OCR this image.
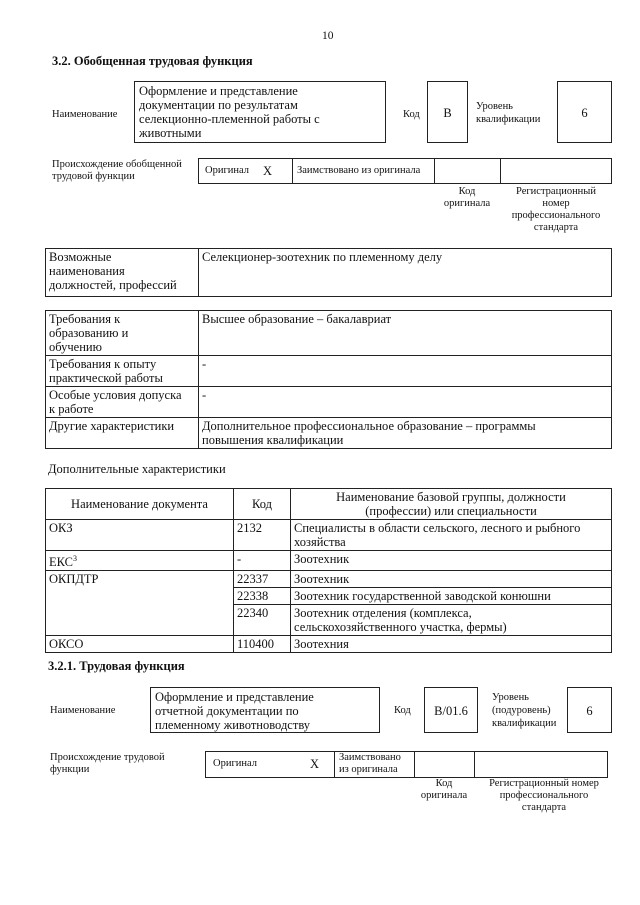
10
3.2. Обобщенная трудовая функция
Наименование
Оформление и представление
документации по результатам
селекционно-племенной работы с
животными
Код	B	Уровень
квалификации	6
Происхождение обобщенной
трудовой функции
Оригинал X Заимствовано из оригинала
Код
оригинала
Регистрационный
номер
профессионального
стандарта
Возможные
наименования
должностей, профессий
	Селекционер-зоотехник по племенному делу
Требования к
образованию и
обучению	Высшее образование – бакалавриат

Требования к опыту
практической работы	-

Особые условия допуска
к работе	-

Другие характеристики	Дополнительное профессиональное образование – программы
повышения квалификации
Дополнительные характеристики
Наименование документа	Код	Наименование базовой группы, должности
(профессии) или специальности

ОКЗ	2132	Специалисты в области сельского, лесного и рыбного
хозяйства

ЕКС$^3$	-	Зоотехник
ОКПДТР	22337	Зоотехник
	22338	Зоотехник государственной заводской конюшни
	22340	Зоотехник отделения (комплекса,
сельскохозяйственного участка, фермы)

ОКСО	110400	Зоотехния
3.2.1. Трудовая функция
Наименование
Оформление и представление
отчетной документации по
племенному животноводству
Код	B/01.6
Уровень
(подуровень)
квалификации
6
Происхождение трудовой
функции
Оригинал	X Заимствовано
из оригинала
Код
оригинала
Регистрационный номер
профессионального
стандарта
